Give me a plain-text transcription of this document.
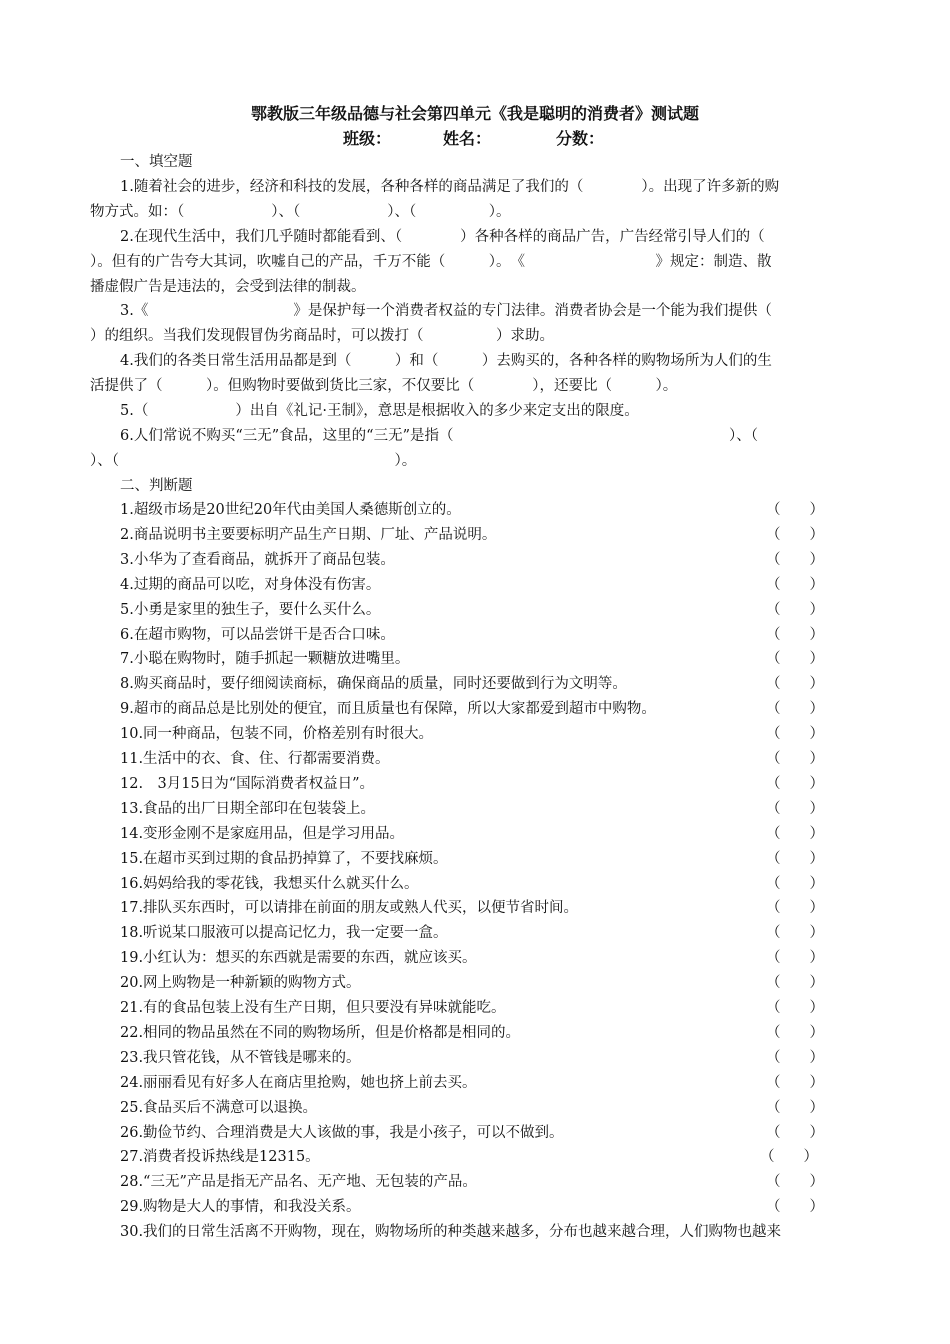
鄂教版三年级品德与社会第四单元《我是聪明的消费者》测试题
班级：	姓名：	分数：
一、填空题
1.随着社会的进步，经济和科技的发展，各种各样的商品满足了我们的（　　　　）。出现了许多新的购
物方式。如：（　　　　　　）、（　　　　　　）、（　　　　　）。
2.在现代生活中，我们几乎随时都能看到、（　　　　）各种各样的商品广告，广告经常引导人们的（
）。但有的广告夸大其词，吹嘘自己的产品，千万不能（　　　）。　《　　　　　　　　　》规定：制造、散
播虚假广告是违法的，会受到法律的制裁。
3.《　　　　　　　　　　》是保护每一个消费者权益的专门法律。消费者协会是一个能为我们提供（
）的组织。当我们发现假冒伪劣商品时，可以拨打（　　　　　）求助。
4.我们的各类日常生活用品都是到（　　　）和（　　　）去购买的，各种各样的购物场所为人们的生
活提供了（　　　）。但购物时要做到货比三家，不仅要比（　　　　），还要比（　　　）。
5.（　　　　　　）出自《礼记·王制》，意思是根据收入的多少来定支出的限度。
6.人们常说不购买“三无”食品，这里的“三无”是指（　　　　　　　　　　　　　　　　　　　）、（
）、（　　　　　　　　　　　　　　　　　　　）。
二、判断题
1.超级市场是20世纪20年代由美国人桑德斯创立的。	（　　）
2.商品说明书主要要标明产品生产日期、厂址、产品说明。	（　　）
3.小华为了查看商品，就拆开了商品包装。	（　　）
4.过期的商品可以吃，对身体没有伤害。	（　　）
5.小勇是家里的独生子，要什么买什么。	（　　）
6.在超市购物，可以品尝饼干是否合口味。	（　　）
7.小聪在购物时，随手抓起一颗糖放进嘴里。	（　　）
8.购买商品时，要仔细阅读商标，确保商品的质量，同时还要做到行为文明等。	（　　）
9.超市的商品总是比别处的便宜，而且质量也有保障，所以大家都爱到超市中购物。	（　　）
10.同一种商品，包装不同，价格差别有时很大。	（　　）
11.生活中的衣、食、住、行都需要消费。	（　　）
12.　3月15日为“国际消费者权益日”。	（　　）
13.食品的出厂日期全部印在包装袋上。	（　　）
14.变形金刚不是家庭用品，但是学习用品。	（　　）
15.在超市买到过期的食品扔掉算了，不要找麻烦。	（　　）
16.妈妈给我的零花钱，我想买什么就买什么。	（　　）
17.排队买东西时，可以请排在前面的朋友或熟人代买，以便节省时间。	（　　）
18.听说某口服液可以提高记忆力，我一定要一盒。	（　　）
19.小红认为：想买的东西就是需要的东西，就应该买。	（　　）
20.网上购物是一种新颖的购物方式。	（　　）
21.有的食品包装上没有生产日期，但只要没有异味就能吃。	（　　）
22.相同的物品虽然在不同的购物场所，但是价格都是相同的。	（　　）
23.我只管花钱，从不管钱是哪来的。	（　　）
24.丽丽看见有好多人在商店里抢购，她也挤上前去买。	（　　）
25.食品买后不满意可以退换。	（　　）
26.勤俭节约、合理消费是大人该做的事，我是小孩子，可以不做到。	（　　）
27.消费者投诉热线是12315。	（　　）
28.“三无”产品是指无产品名、无产地、无包装的产品。	（　　）
29.购物是大人的事情，和我没关系。	（　　）
30.我们的日常生活离不开购物，现在，购物场所的种类越来越多，分布也越来越合理，人们购物也越来
